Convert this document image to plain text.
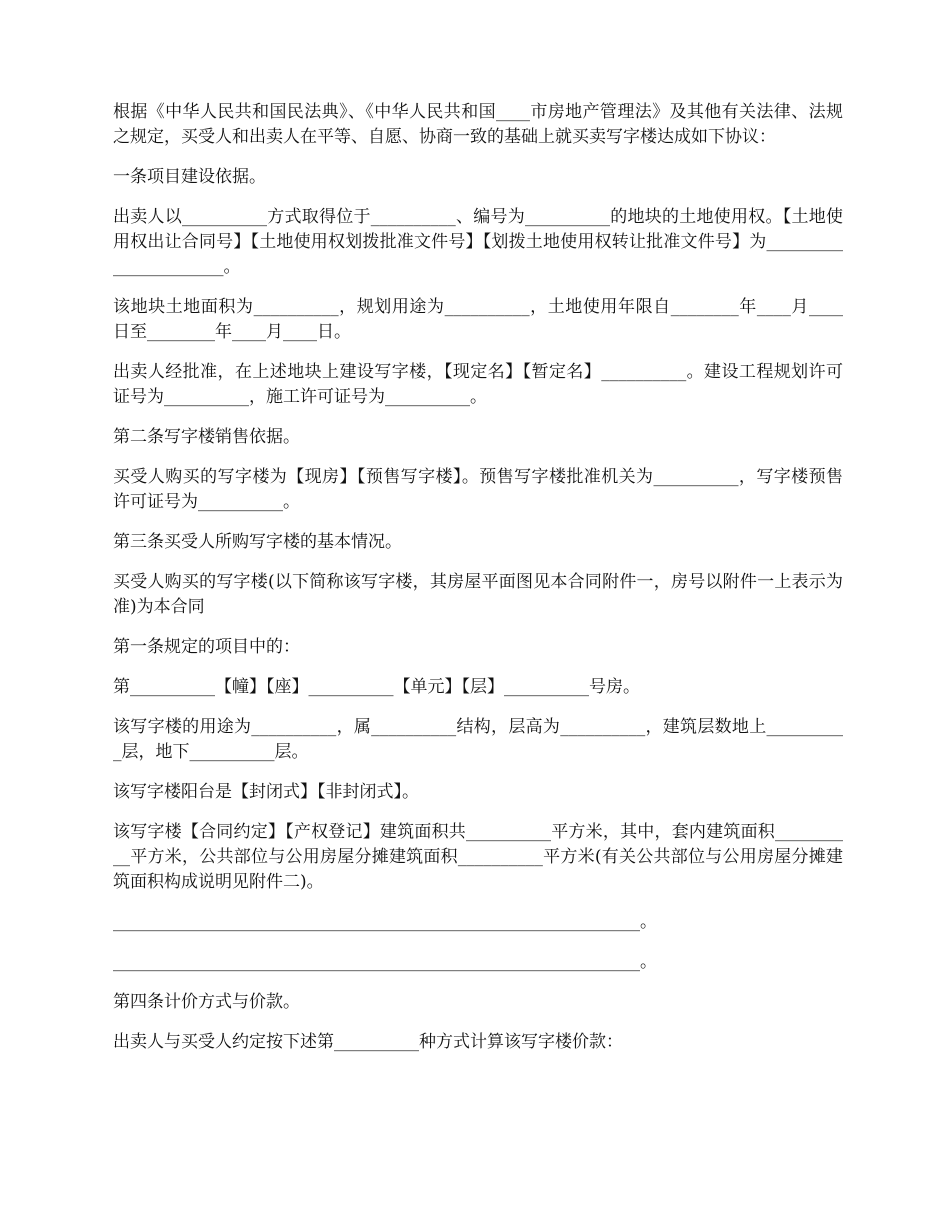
根据《中华人民共和国民法典》、《中华人民共和国____市房地产管理法》及其他有关法律、法规之规定，买受人和出卖人在平等、自愿、协商一致的基础上就买卖写字楼达成如下协议：

一条项目建设依据。

出卖人以__________方式取得位于__________、编号为__________的地块的土地使用权。【土地使用权出让合同号】【土地使用权划拨批准文件号】【划拨土地使用权转让批准文件号】为______________________。

该地块土地面积为__________，规划用途为__________，土地使用年限自________年____月____日至________年____月____日。

出卖人经批准，在上述地块上建设写字楼，【现定名】【暂定名】__________。建设工程规划许可证号为__________，施工许可证号为__________。

第二条写字楼销售依据。

买受人购买的写字楼为【现房】【预售写字楼】。预售写字楼批准机关为__________，写字楼预售许可证号为__________。

第三条买受人所购写字楼的基本情况。

买受人购买的写字楼(以下简称该写字楼，其房屋平面图见本合同附件一，房号以附件一上表示为准)为本合同

第一条规定的项目中的：

第__________【幢】【座】__________【单元】【层】__________号房。

该写字楼的用途为__________，属__________结构，层高为__________，建筑层数地上__________层，地下__________层。

该写字楼阳台是【封闭式】【非封闭式】。

该写字楼【合同约定】【产权登记】建筑面积共__________平方米，其中，套内建筑面积__________平方米，公共部位与公用房屋分摊建筑面积__________平方米(有关公共部位与公用房屋分摊建筑面积构成说明见附件二)。

______________________________________________________________。

______________________________________________________________。

第四条计价方式与价款。

出卖人与买受人约定按下述第__________种方式计算该写字楼价款：
